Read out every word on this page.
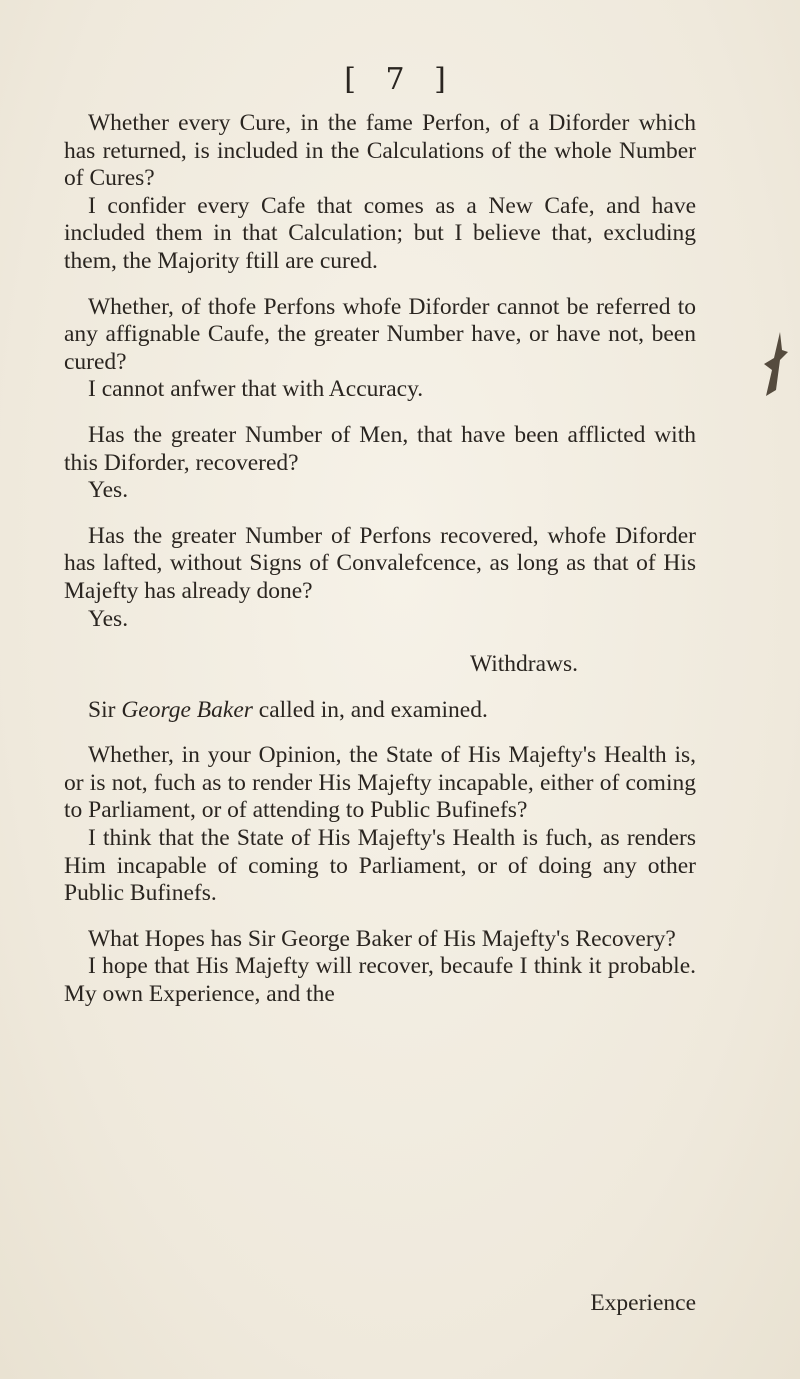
[ 7 ]

Whether every Cure, in the fame Perfon, of a Diforder which has returned, is included in the Calculations of the whole Number of Cures?

I confider every Cafe that comes as a New Cafe, and have included them in that Calculation; but I believe that, excluding them, the Majority ftill are cured.

Whether, of thofe Perfons whofe Diforder cannot be referred to any affignable Caufe, the greater Number have, or have not, been cured?

I cannot anfwer that with Accuracy.

Has the greater Number of Men, that have been afflicted with this Diforder, recovered?

Yes.

Has the greater Number of Perfons recovered, whofe Diforder has lafted, without Signs of Convalefcence, as long as that of His Majefty has already done?

Yes.

Withdraws.

Sir George Baker called in, and examined.

Whether, in your Opinion, the State of His Majefty's Health is, or is not, fuch as to render His Majefty incapable, either of coming to Parliament, or of attending to Public Bufinefs?

I think that the State of His Majefty's Health is fuch, as renders Him incapable of coming to Parliament, or of doing any other Public Bufinefs.

What Hopes has Sir George Baker of His Majefty's Recovery?

I hope that His Majefty will recover, becaufe I think it probable. My own Experience, and the

Experience
